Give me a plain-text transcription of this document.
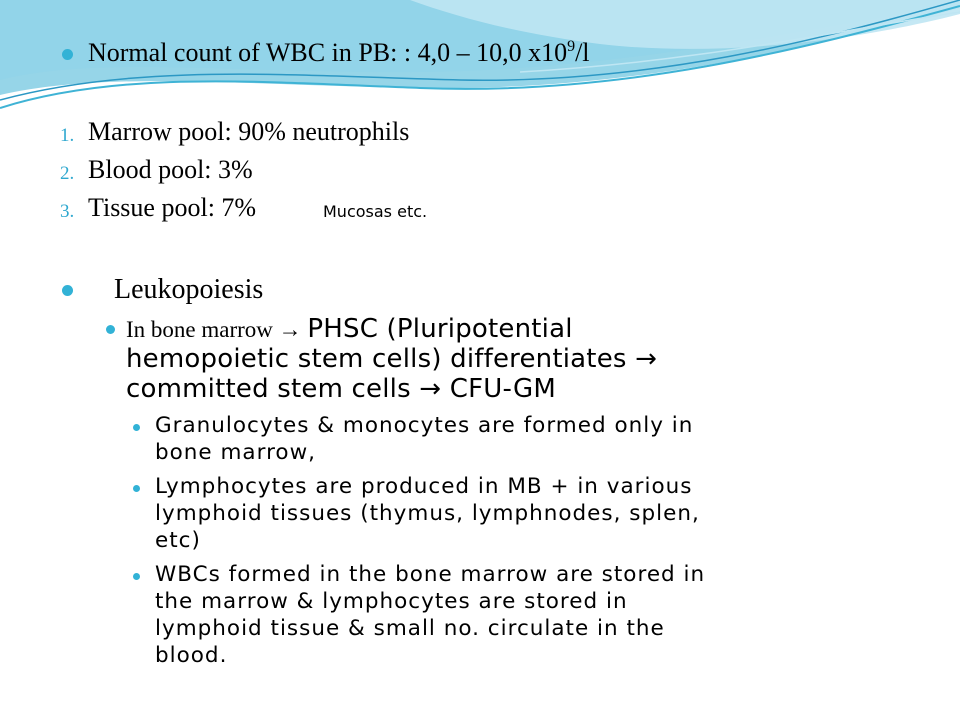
Normal count of WBC in PB: : 4,0 – 10,0 $x10^9/l$
1. Marrow pool: 90% neutrophils
2. Blood pool: 3%
3. Tissue pool: 7%	Mucosas etc.
Leukopoiesis
In bone marrow → PHSC (Pluripotential
hemopoietic stem cells) differentiates →
committed stem cells → CFU-GM
Granulocytes & monocytes are formed only in
bone marrow,
Lymphocytes are produced in MB + in various
lymphoid tissues (thymus, lymphnodes, splen,
etc)
WBCs formed in the bone marrow are stored in
the marrow & lymphocytes are stored in
lymphoid tissue & small no. circulate in the
blood.
